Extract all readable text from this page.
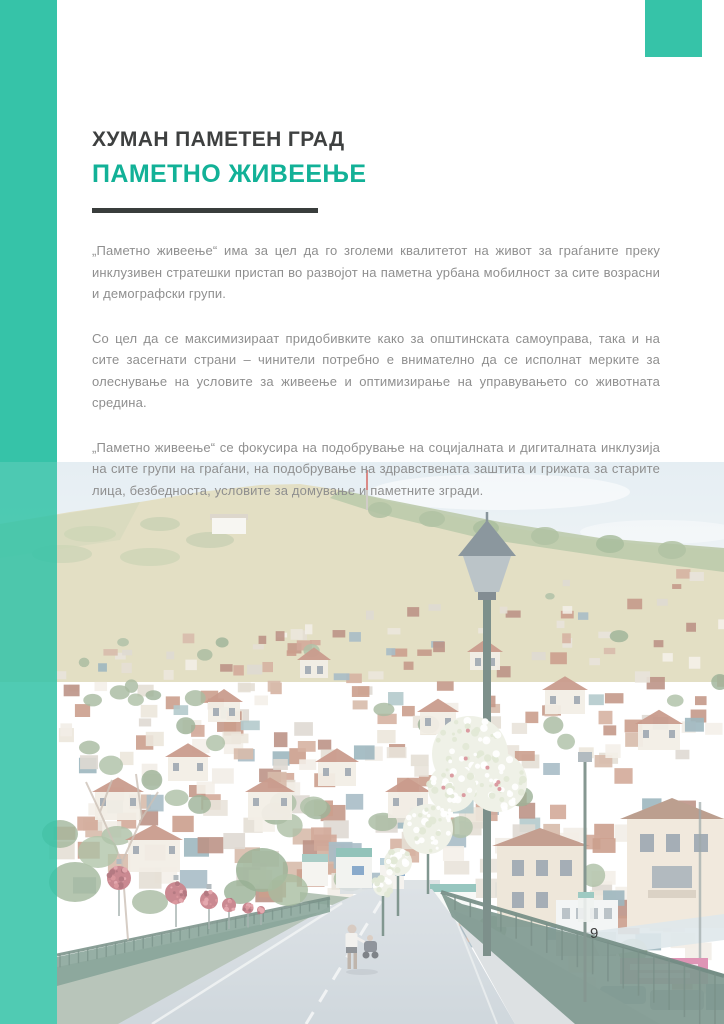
ХУМАН ПАМЕТЕН ГРАД
ПАМЕТНО ЖИВЕЕЊЕ

„Паметно живеење“ има за цел да го зголеми квалитетот на живот за граѓаните преку инклузивен стратешки пристап во развојот на паметна урбана мобилност за сите возрасни и демографски групи.

Со цел да се максимизираат придобивките како за општинската самоуправа, така и на сите засегнати страни – чинители потребно е внимателно да се исполнат мерките за олеснување на условите за живеење и оптимизирање на управувањето со животната средина.

„Паметно живеење“ се фокусира на подобрување на социјалната и дигиталната инклузија на сите групи на граѓани, на подобрување на здравствената заштита и грижата за старите лица, безбедноста, условите за домување и паметните згради.

9
